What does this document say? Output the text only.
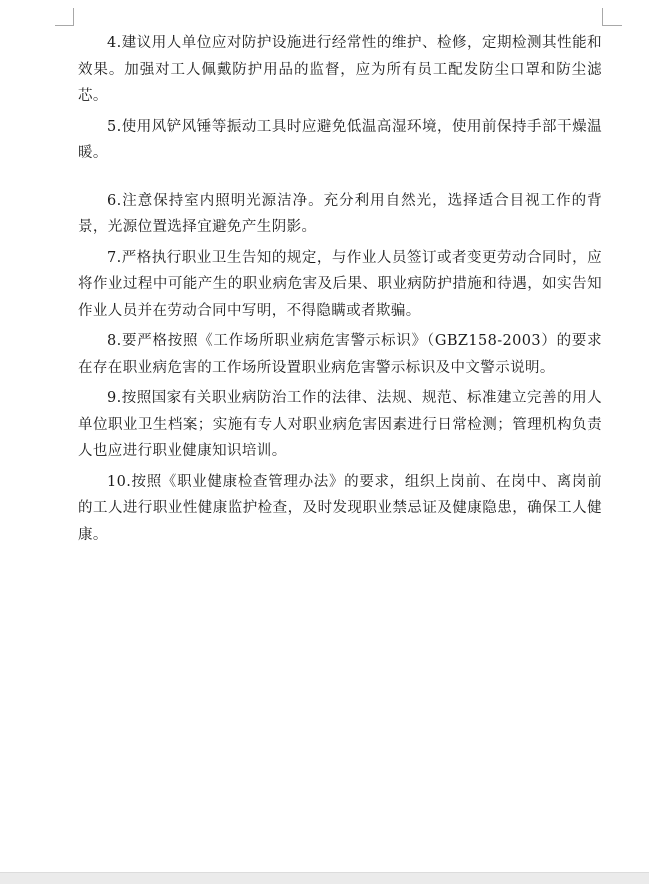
4.建议用人单位应对防护设施进行经常性的维护、检修，定期检测其性能和效果。加强对工人佩戴防护用品的监督，应为所有员工配发防尘口罩和防尘滤芯。

5.使用风铲风锤等振动工具时应避免低温高湿环境，使用前保持手部干燥温暖。

6.注意保持室内照明光源洁净。充分利用自然光，选择适合目视工作的背景，光源位置选择宜避免产生阴影。

7.严格执行职业卫生告知的规定，与作业人员签订或者变更劳动合同时，应将作业过程中可能产生的职业病危害及后果、职业病防护措施和待遇，如实告知作业人员并在劳动合同中写明，不得隐瞒或者欺骗。

8.要严格按照《工作场所职业病危害警示标识》（GBZ158-2003）的要求在存在职业病危害的工作场所设置职业病危害警示标识及中文警示说明。

9.按照国家有关职业病防治工作的法律、法规、规范、标准建立完善的用人单位职业卫生档案；实施有专人对职业病危害因素进行日常检测；管理机构负责人也应进行职业健康知识培训。

10.按照《职业健康检查管理办法》的要求，组织上岗前、在岗中、离岗前的工人进行职业性健康监护检查，及时发现职业禁忌证及健康隐患，确保工人健康。
